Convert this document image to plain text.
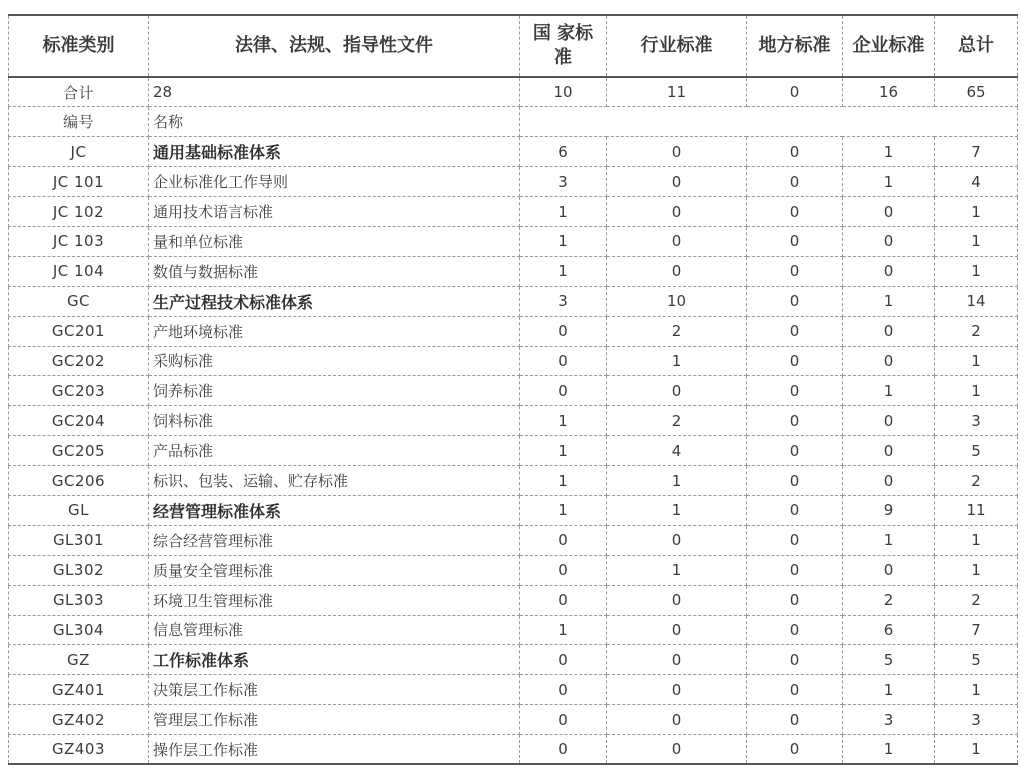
标准类别	法律、法规、指导性文件	国 家标准	行业标准	地方标准	企业标准	总计
合计	28	10	11	0	16	65
编号	名称					
JC	通用基础标准体系	6	0	0	1	7
JC 101	企业标准化工作导则	3	0	0	1	4
JC 102	通用技术语言标准	1	0	0	0	1
JC 103	量和单位标准	1	0	0	0	1
JC 104	数值与数据标准	1	0	0	0	1
GC	生产过程技术标准体系	3	10	0	1	14
GC201	产地环境标准	0	2	0	0	2
GC202	采购标准	0	1	0	0	1
GC203	饲养标准	0	0	0	1	1
GC204	饲料标准	1	2	0	0	3
GC205	产品标准	1	4	0	0	5
GC206	标识、包装、运输、贮存标准	1	1	0	0	2
GL	经营管理标准体系	1	1	0	9	11
GL301	综合经营管理标准	0	0	0	1	1
GL302	质量安全管理标准	0	1	0	0	1
GL303	环境卫生管理标准	0	0	0	2	2
GL304	信息管理标准	1	0	0	6	7
GZ	工作标准体系	0	0	0	5	5
GZ401	决策层工作标准	0	0	0	1	1
GZ402	管理层工作标准	0	0	0	3	3
GZ403	操作层工作标准	0	0	0	1	1
